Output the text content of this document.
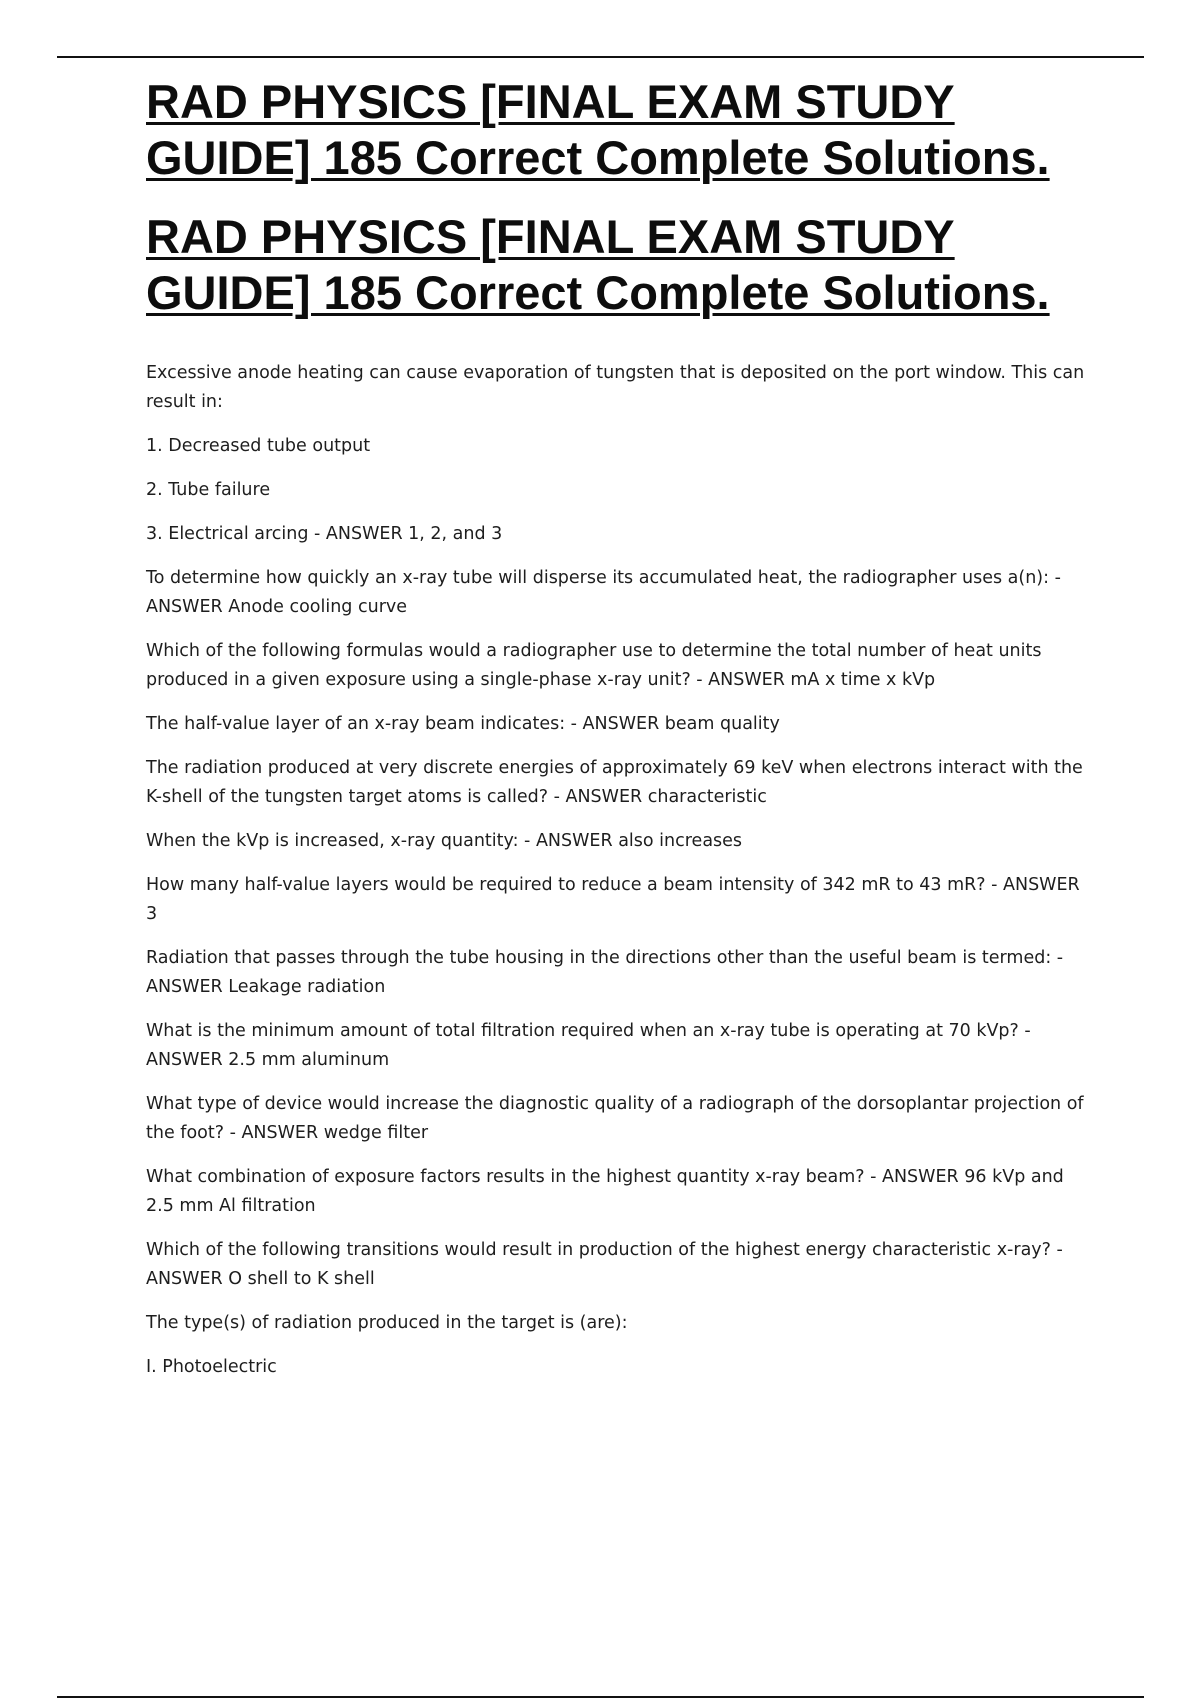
RAD PHYSICS [FINAL EXAM STUDY
GUIDE] 185 Correct Complete Solutions.
RAD PHYSICS [FINAL EXAM STUDY
GUIDE] 185 Correct Complete Solutions.

Excessive anode heating can cause evaporation of tungsten that is deposited on the port window. This can result in:

1. Decreased tube output

2. Tube failure

3. Electrical arcing - ANSWER 1, 2, and 3

To determine how quickly an x-ray tube will disperse its accumulated heat, the radiographer uses a(n): - ANSWER Anode cooling curve

Which of the following formulas would a radiographer use to determine the total number of heat units produced in a given exposure using a single-phase x-ray unit? - ANSWER mA x time x kVp

The half-value layer of an x-ray beam indicates: - ANSWER beam quality

The radiation produced at very discrete energies of approximately 69 keV when electrons interact with the K-shell of the tungsten target atoms is called? - ANSWER characteristic

When the kVp is increased, x-ray quantity: - ANSWER also increases

How many half-value layers would be required to reduce a beam intensity of 342 mR to 43 mR? - ANSWER 3

Radiation that passes through the tube housing in the directions other than the useful beam is termed: - ANSWER Leakage radiation

What is the minimum amount of total filtration required when an x-ray tube is operating at 70 kVp? - ANSWER 2.5 mm aluminum

What type of device would increase the diagnostic quality of a radiograph of the dorsoplantar projection of the foot? - ANSWER wedge filter

What combination of exposure factors results in the highest quantity x-ray beam? - ANSWER 96 kVp and 2.5 mm Al filtration

Which of the following transitions would result in production of the highest energy characteristic x-ray? - ANSWER O shell to K shell

The type(s) of radiation produced in the target is (are):

I. Photoelectric
